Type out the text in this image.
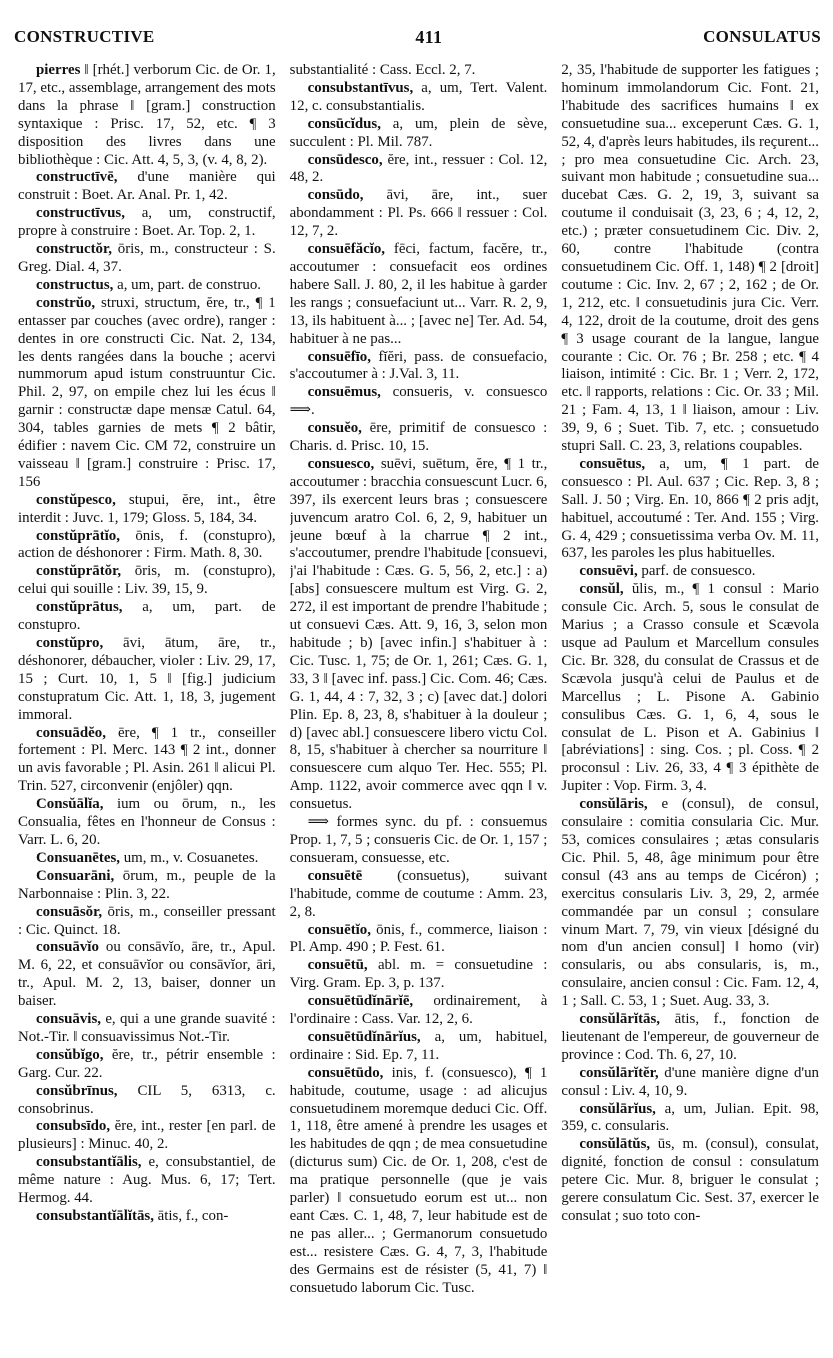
CONSTRUCTIVE	411	CONSULATUS

pierres ‖ [rhét.] verborum Cic. de Or. 1, 17, etc., assemblage, arrangement des mots dans la phrase ‖ [gram.] construction syntaxique : Prisc. 17, 52, etc. ¶ 3 disposition des livres dans une bibliothèque : Cic. Att. 4, 5, 3, (v. 4, 8, 2).

constructīvē, d'une manière qui construit : Boet. Ar. Anal. Pr. 1, 42.

constructīvus, a, um, constructif, propre à construire : Boet. Ar. Top. 2, 1.

constructŏr, ōris, m., constructeur : S. Greg. Dial. 4, 37.

constructus, a, um, part. de construo.

constrŭo, struxi, structum, ĕre, tr., ¶ 1 entasser par couches (avec ordre), ranger : dentes in ore constructi Cic. Nat. 2, 134, les dents rangées dans la bouche ; acervi nummorum apud istum construuntur Cic. Phil. 2, 97, on empile chez lui les écus ‖ garnir : constructæ dape mensæ Catul. 64, 304, tables garnies de mets ¶ 2 bâtir, édifier : navem Cic. CM 72, construire un vaisseau ‖ [gram.] construire : Prisc. 17, 156

constŭpesco, stupui, ĕre, int., être interdit : Juvc. 1, 179; Gloss. 5, 184, 34.

constŭprātĭo, ōnis, f. (constupro), action de déshonorer : Firm. Math. 8, 30.

constŭprātŏr, ōris, m. (constupro), celui qui souille : Liv. 39, 15, 9.

constŭprātus, a, um, part. de constupro.

constŭpro, āvi, ātum, āre, tr., déshonorer, débaucher, violer : Liv. 29, 17, 15 ; Curt. 10, 1, 5 ‖ [fig.] judicium constupratum Cic. Att. 1, 18, 3, jugement immoral.

consuādĕo, ēre, ¶ 1 tr., conseiller fortement : Pl. Merc. 143 ¶ 2 int., donner un avis favorable ; Pl. Asin. 261 ‖ alicui Pl. Trin. 527, circonvenir (enjôler) qqn.

Consŭālĭa, ium ou ōrum, n., les Consualia, fêtes en l'honneur de Consus : Varr. L. 6, 20.

Consuanētes, um, m., v. Cosuanetes.

Consuarāni, ōrum, m., peuple de la Narbonnaise : Plin. 3, 22.

consuāsŏr, ōris, m., conseiller pressant : Cic. Quinct. 18.

consuāvĭo ou consāvĭo, āre, tr., Apul. M. 6, 22, et consuāvĭor ou consāvĭor, āri, tr., Apul. M. 2, 13, baiser, donner un baiser.

consuāvis, e, qui a une grande suavité : Not.-Tir. ‖ consuavissimus Not.-Tir.

consŭbĭgo, ĕre, tr., pétrir ensemble : Garg. Cur. 22.

consŭbrīnus, CIL 5, 6313, c. consobrinus.

consubsīdo, ĕre, int., rester [en parl. de plusieurs] : Minuc. 40, 2.

consubstantĭālis, e, consubstantiel, de même nature : Aug. Mus. 6, 17; Tert. Hermog. 44.

consubstantĭālĭtās, ātis, f., con-

substantialité : Cass. Eccl. 2, 7.

consubstantīvus, a, um, Tert. Valent. 12, c. consubstantialis.

consūcĭdus, a, um, plein de sève, succulent : Pl. Mil. 787.

consūdesco, ĕre, int., ressuer : Col. 12, 48, 2.

consūdo, āvi, āre, int., suer abondamment : Pl. Ps. 666 ‖ ressuer : Col. 12, 7, 2.

consuēfăcĭo, fēci, factum, facĕre, tr., accoutumer : consuefacit eos ordines habere Sall. J. 80, 2, il les habitue à garder les rangs ; consuefaciunt ut... Varr. R. 2, 9, 13, ils habituent à... ; [avec ne] Ter. Ad. 54, habituer à ne pas...

consuēfīo, fĭĕri, pass. de consuefacio, s'accoutumer à : J.Val. 3, 11.

consuēmus, consueris, v. consuesco ⟹.

consuĕo, ēre, primitif de consuesco : Charis. d. Prisc. 10, 15.

consuesco, suēvi, suētum, ĕre, ¶ 1 tr., accoutumer : bracchia consuescunt Lucr. 6, 397, ils exercent leurs bras ; consuescere juvencum aratro Col. 6, 2, 9, habituer un jeune bœuf à la charrue ¶ 2 int., s'accoutumer, prendre l'habitude [consuevi, j'ai l'habitude : Cæs. G. 5, 56, 2, etc.] : a) [abs] consuescere multum est Virg. G. 2, 272, il est important de prendre l'habitude ; ut consuevi Cæs. Att. 9, 16, 3, selon mon habitude ; b) [avec infin.] s'habituer à : Cic. Tusc. 1, 75; de Or. 1, 261; Cæs. G. 1, 33, 3 ‖ [avec inf. pass.] Cic. Com. 46; Cæs. G. 1, 44, 4 : 7, 32, 3 ; c) [avec dat.] dolori Plin. Ep. 8, 23, 8, s'habituer à la douleur ; d) [avec abl.] consuescere libero victu Col. 8, 15, s'habituer à chercher sa nourriture ‖ consuescere cum alquo Ter. Hec. 555; Pl. Amp. 1122, avoir commerce avec qqn ‖ v. consuetus.

⟹ formes sync. du pf. : consuemus Prop. 1, 7, 5 ; consueris Cic. de Or. 1, 157 ; consueram, consuesse, etc.

consuētē (consuetus), suivant l'habitude, comme de coutume : Amm. 23, 2, 8.

consuētĭo, ōnis, f., commerce, liaison : Pl. Amp. 490 ; P. Fest. 61.

consuētū, abl. m. = consuetudine : Virg. Gram. Ep. 3, p. 137.

consuētūdĭnārĭē, ordinairement, à l'ordinaire : Cass. Var. 12, 2, 6.

consuētūdĭnārĭus, a, um, habituel, ordinaire : Sid. Ep. 7, 11.

consuētūdo, inis, f. (consuesco), ¶ 1 habitude, coutume, usage : ad alicujus consuetudinem moremque deduci Cic. Off. 1, 118, être amené à prendre les usages et les habitudes de qqn ; de mea consuetudine (dicturus sum) Cic. de Or. 1, 208, c'est de ma pratique personnelle (que je vais parler) ‖ consuetudo eorum est ut... non eant Cæs. C. 1, 48, 7, leur habitude est de ne pas aller... ; Germanorum consuetudo est... resistere Cæs. G. 4, 7, 3, l'habitude des Germains est de résister (5, 41, 7) ‖ consuetudo laborum Cic. Tusc.

2, 35, l'habitude de supporter les fatigues ; hominum immolandorum Cic. Font. 21, l'habitude des sacrifices humains ‖ ex consuetudine sua... exceperunt Cæs. G. 1, 52, 4, d'après leurs habitudes, ils reçurent... ; pro mea consuetudine Cic. Arch. 23, suivant mon habitude ; consuetudine sua... ducebat Cæs. G. 2, 19, 3, suivant sa coutume il conduisait (3, 23, 6 ; 4, 12, 2, etc.) ; præter consuetudinem Cic. Div. 2, 60, contre l'habitude (contra consuetudinem Cic. Off. 1, 148) ¶ 2 [droit] coutume : Cic. Inv. 2, 67 ; 2, 162 ; de Or. 1, 212, etc. ‖ consuetudinis jura Cic. Verr. 4, 122, droit de la coutume, droit des gens ¶ 3 usage courant de la langue, langue courante : Cic. Or. 76 ; Br. 258 ; etc. ¶ 4 liaison, intimité : Cic. Br. 1 ; Verr. 2, 172, etc. ‖ rapports, relations : Cic. Or. 33 ; Mil. 21 ; Fam. 4, 13, 1 ‖ liaison, amour : Liv. 39, 9, 6 ; Suet. Tib. 7, etc. ; consuetudo stupri Sall. C. 23, 3, relations coupables.

consuētus, a, um, ¶ 1 part. de consuesco : Pl. Aul. 637 ; Cic. Rep. 3, 8 ; Sall. J. 50 ; Virg. En. 10, 866 ¶ 2 pris adjt, habituel, accoutumé : Ter. And. 155 ; Virg. G. 4, 429 ; consuetissima verba Ov. M. 11, 637, les paroles les plus habituelles.

consuēvi, parf. de consuesco.

consŭl, ŭlis, m., ¶ 1 consul : Mario consule Cic. Arch. 5, sous le consulat de Marius ; a Crasso consule et Scævola usque ad Paulum et Marcellum consules Cic. Br. 328, du consulat de Crassus et de Scævola jusqu'à celui de Paulus et de Marcellus ; L. Pisone A. Gabinio consulibus Cæs. G. 1, 6, 4, sous le consulat de L. Pison et A. Gabinius ‖ [abréviations] : sing. Cos. ; pl. Coss. ¶ 2 proconsul : Liv. 26, 33, 4 ¶ 3 épithète de Jupiter : Vop. Firm. 3, 4.

consŭlāris, e (consul), de consul, consulaire : comitia consularia Cic. Mur. 53, comices consulaires ; ætas consularis Cic. Phil. 5, 48, âge minimum pour être consul (43 ans au temps de Cicéron) ; exercitus consularis Liv. 3, 29, 2, armée commandée par un consul ; consulare vinum Mart. 7, 79, vin vieux [désigné du nom d'un ancien consul] ‖ homo (vir) consularis, ou abs consularis, is, m., consulaire, ancien consul : Cic. Fam. 12, 4, 1 ; Sall. C. 53, 1 ; Suet. Aug. 33, 3.

consŭlārĭtās, ātis, f., fonction de lieutenant de l'empereur, de gouverneur de province : Cod. Th. 6, 27, 10.

consŭlārĭtĕr, d'une manière digne d'un consul : Liv. 4, 10, 9.

consŭlārĭus, a, um, Julian. Epit. 98, 359, c. consularis.

consŭlātŭs, ūs, m. (consul), consulat, dignité, fonction de consul : consulatum petere Cic. Mur. 8, briguer le consulat ; gerere consulatum Cic. Sest. 37, exercer le consulat ; suo toto con-
